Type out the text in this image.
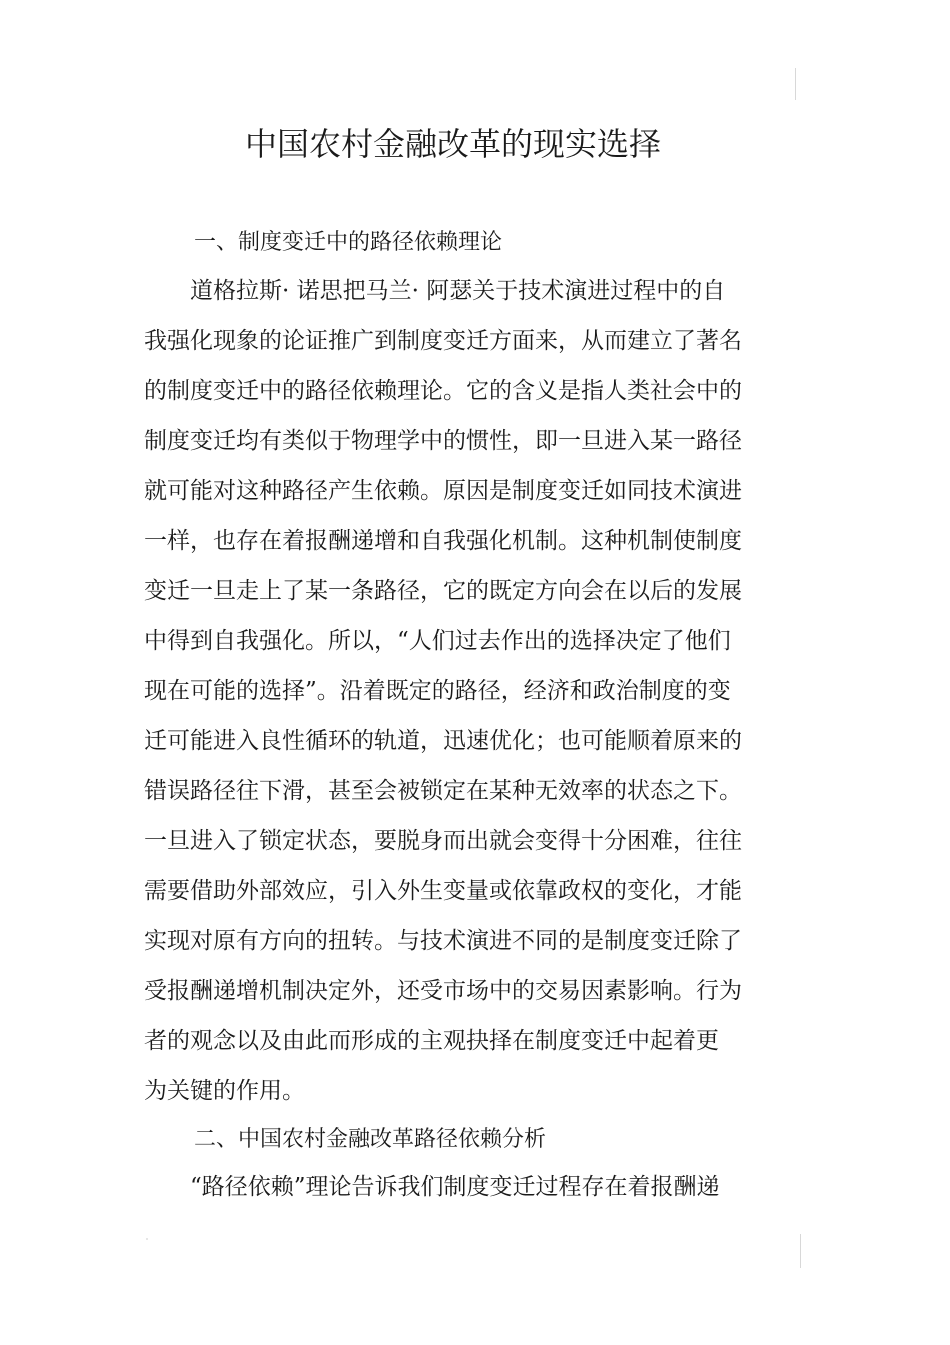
中国农村金融改革的现实选择
一、制度变迁中的路径依赖理论
　　道格拉斯· 诺思把马兰· 阿瑟关于技术演进过程中的自
我强化现象的论证推广到制度变迁方面来，从而建立了著名
的制度变迁中的路径依赖理论。它的含义是指人类社会中的
制度变迁均有类似于物理学中的惯性，即一旦进入某一路径
就可能对这种路径产生依赖。原因是制度变迁如同技术演进
一样，也存在着报酬递增和自我强化机制。这种机制使制度
变迁一旦走上了某一条路径，它的既定方向会在以后的发展
中得到自我强化。所以，“人们过去作出的选择决定了他们
现在可能的选择”。沿着既定的路径，经济和政治制度的变
迁可能进入良性循环的轨道，迅速优化；也可能顺着原来的
错误路径往下滑，甚至会被锁定在某种无效率的状态之下。
一旦进入了锁定状态，要脱身而出就会变得十分困难，往往
需要借助外部效应，引入外生变量或依靠政权的变化，才能
实现对原有方向的扭转。与技术演进不同的是制度变迁除了
受报酬递增机制决定外，还受市场中的交易因素影响。行为
者的观念以及由此而形成的主观抉择在制度变迁中起着更
为关键的作用。
二、中国农村金融改革路径依赖分析
　　“路径依赖”理论告诉我们制度变迁过程存在着报酬递
